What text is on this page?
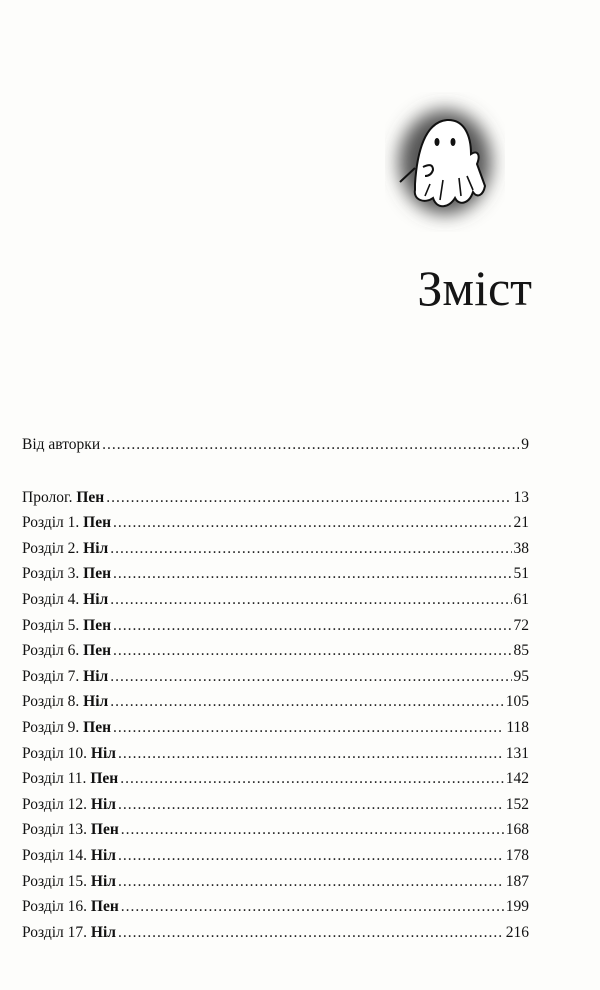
Зміст
Від авторки .....	9
Пролог. Пен .....	13
Розділ 1. Пен .....	21
Розділ 2. Ніл .....	38
Розділ 3. Пен .....	51
Розділ 4. Ніл .....	61
Розділ 5. Пен .....	72
Розділ 6. Пен .....	85
Розділ 7. Ніл .....	95
Розділ 8. Ніл .....	105
Розділ 9. Пен .....	118
Розділ 10. Ніл .....	131
Розділ 11. Пен .....	142
Розділ 12. Ніл .....	152
Розділ 13. Пен .....	168
Розділ 14. Ніл .....	178
Розділ 15. Ніл .....	187
Розділ 16. Пен .....	199
Розділ 17. Ніл .....	216
